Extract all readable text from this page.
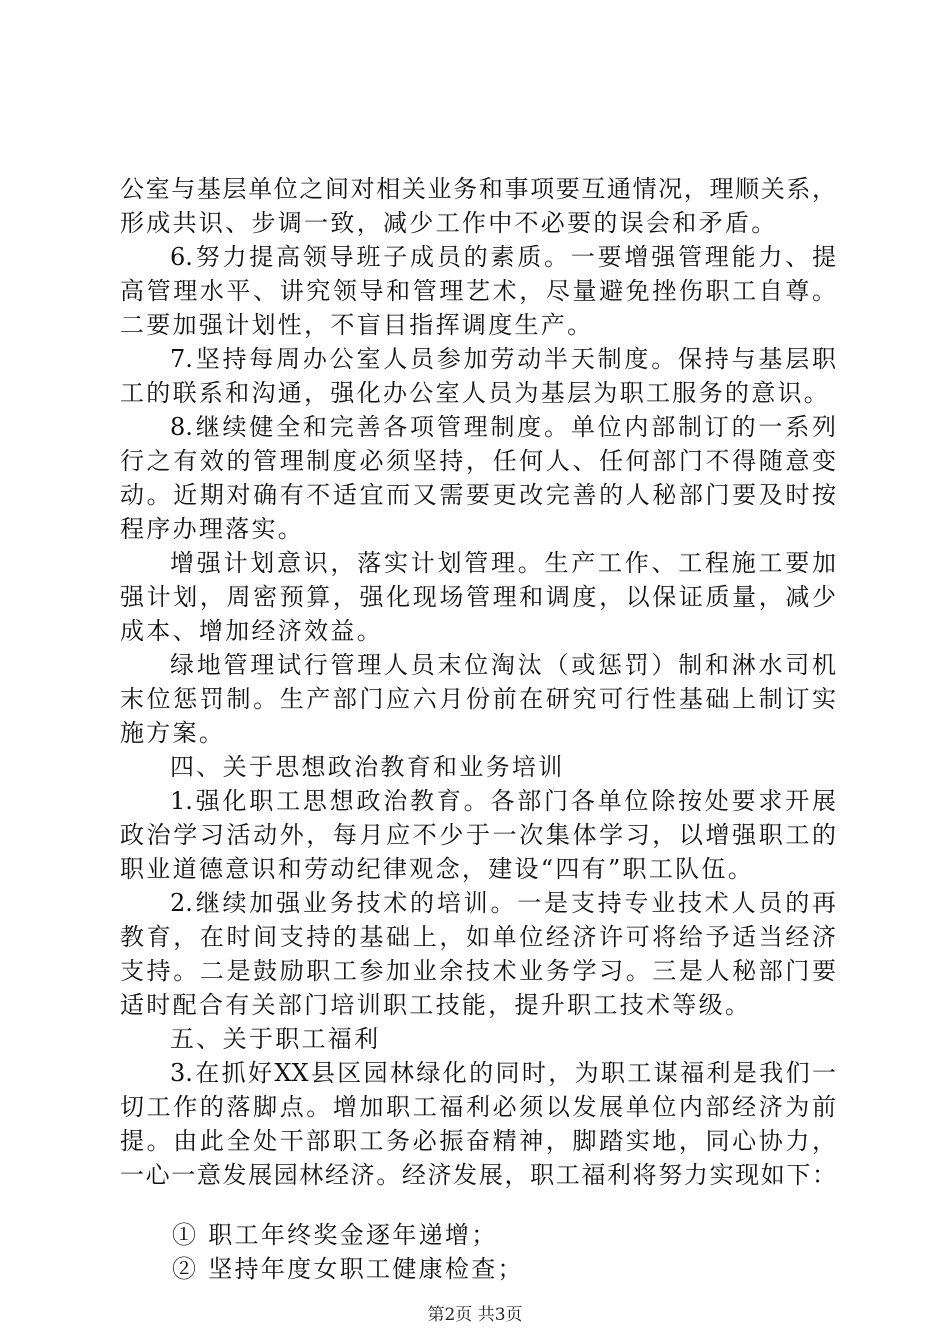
公室与基层单位之间对相关业务和事项要互通情况，理顺关系，
形成共识、步调一致，减少工作中不必要的误会和矛盾。
6.努力提高领导班子成员的素质。一要增强管理能力、提
高管理水平、讲究领导和管理艺术，尽量避免挫伤职工自尊。
二要加强计划性，不盲目指挥调度生产。
7.坚持每周办公室人员参加劳动半天制度。保持与基层职
工的联系和沟通，强化办公室人员为基层为职工服务的意识。
8.继续健全和完善各项管理制度。单位内部制订的一系列
行之有效的管理制度必须坚持，任何人、任何部门不得随意变
动。近期对确有不适宜而又需要更改完善的人秘部门要及时按
程序办理落实。
增强计划意识，落实计划管理。生产工作、工程施工要加
强计划，周密预算，强化现场管理和调度，以保证质量，减少
成本、增加经济效益。
绿地管理试行管理人员末位淘汰（或惩罚）制和淋水司机
末位惩罚制。生产部门应六月份前在研究可行性基础上制订实
施方案。
四、关于思想政治教育和业务培训
1.强化职工思想政治教育。各部门各单位除按处要求开展
政治学习活动外，每月应不少于一次集体学习，以增强职工的
职业道德意识和劳动纪律观念，建设“四有”职工队伍。
2.继续加强业务技术的培训。一是支持专业技术人员的再
教育，在时间支持的基础上，如单位经济许可将给予适当经济
支持。二是鼓励职工参加业余技术业务学习。三是人秘部门要
适时配合有关部门培训职工技能，提升职工技术等级。
五、关于职工福利
3.在抓好XX县区园林绿化的同时，为职工谋福利是我们一
切工作的落脚点。增加职工福利必须以发展单位内部经济为前
提。由此全处干部职工务必振奋精神，脚踏实地，同心协力，
一心一意发展园林经济。经济发展，职工福利将努力实现如下：
① 职工年终奖金逐年递增；
② 坚持年度女职工健康检查；
第2页 共3页
